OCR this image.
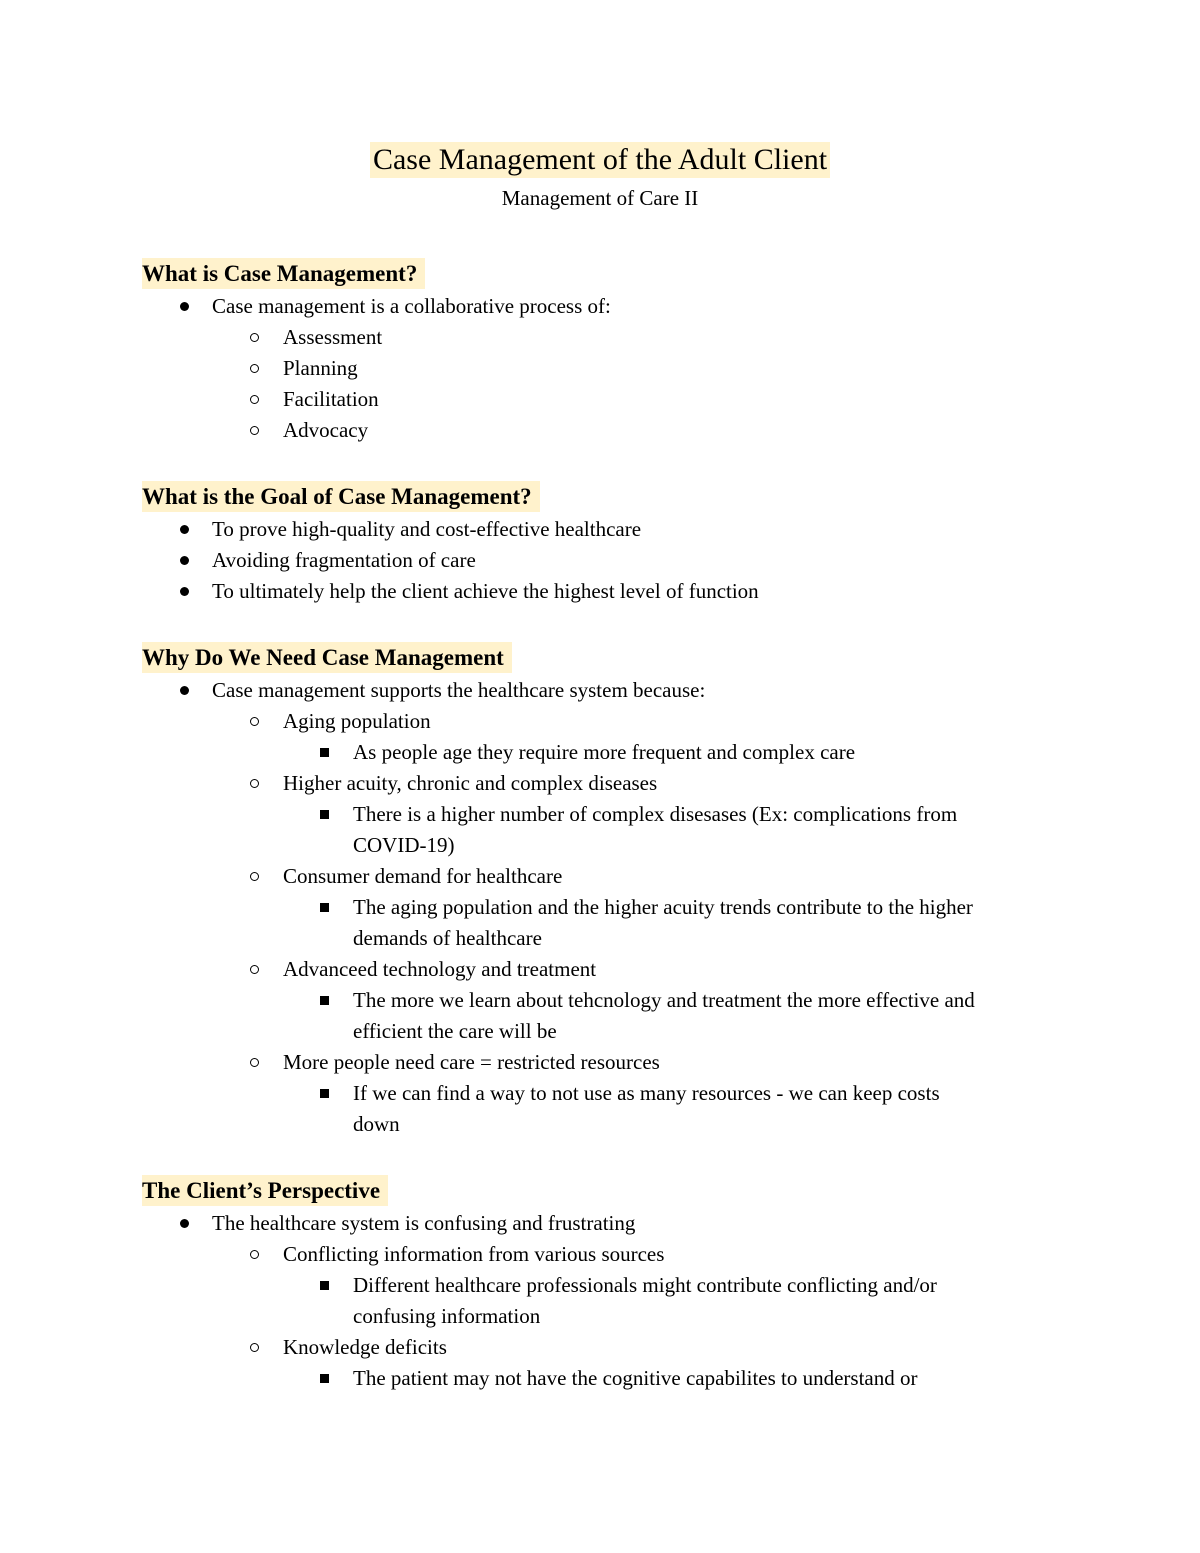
Case Management of the Adult Client
Management of Care II
What is Case Management?
Case management is a collaborative process of:
Assessment
Planning
Facilitation
Advocacy
What is the Goal of Case Management?
To prove high-quality and cost-effective healthcare
Avoiding fragmentation of care
To ultimately help the client achieve the highest level of function
Why Do We Need Case Management
Case management supports the healthcare system because:
Aging population
As people age they require more frequent and complex care
Higher acuity, chronic and complex diseases
There is a higher number of complex disesases (Ex: complications from
COVID-19)
Consumer demand for healthcare
The aging population and the higher acuity trends contribute to the higher
demands of healthcare
Advanceed technology and treatment
The more we learn about tehcnology and treatment the more effective and
efficient the care will be
More people need care = restricted resources
If we can find a way to not use as many resources - we can keep costs
down
The Client’s Perspective
The healthcare system is confusing and frustrating
Conflicting information from various sources
Different healthcare professionals might contribute conflicting and/or
confusing information
Knowledge deficits
The patient may not have the cognitive capabilites to understand or
